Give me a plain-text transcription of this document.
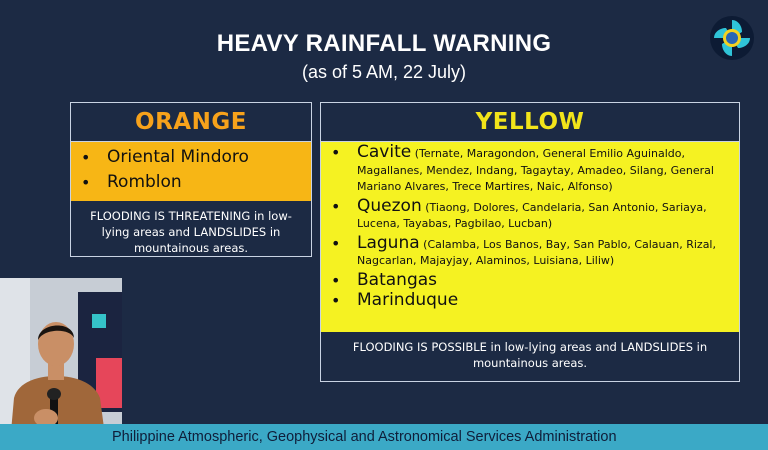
HEAVY RAINFALL WARNING
(as of 5 AM, 22 July)
ORANGE
• Oriental Mindoro
• Romblon
FLOODING IS THREATENING in low-lying areas and LANDSLIDES in mountainous areas.
YELLOW
• Cavite (Ternate, Maragondon, General Emilio Aguinaldo, Magallanes, Mendez, Indang, Tagaytay, Amadeo, Silang, General Mariano Alvares, Trece Martires, Naic, Alfonso)
• Quezon (Tiaong, Dolores, Candelaria, San Antonio, Sariaya, Lucena, Tayabas, Pagbilao, Lucban)
• Laguna (Calamba, Los Banos, Bay, San Pablo, Calauan, Rizal, Nagcarlan, Majayjay, Alaminos, Luisiana, Liliw)
• Batangas
• Marinduque
FLOODING IS POSSIBLE in low-lying areas and LANDSLIDES in mountainous areas.
Philippine Atmospheric, Geophysical and Astronomical Services Administration
